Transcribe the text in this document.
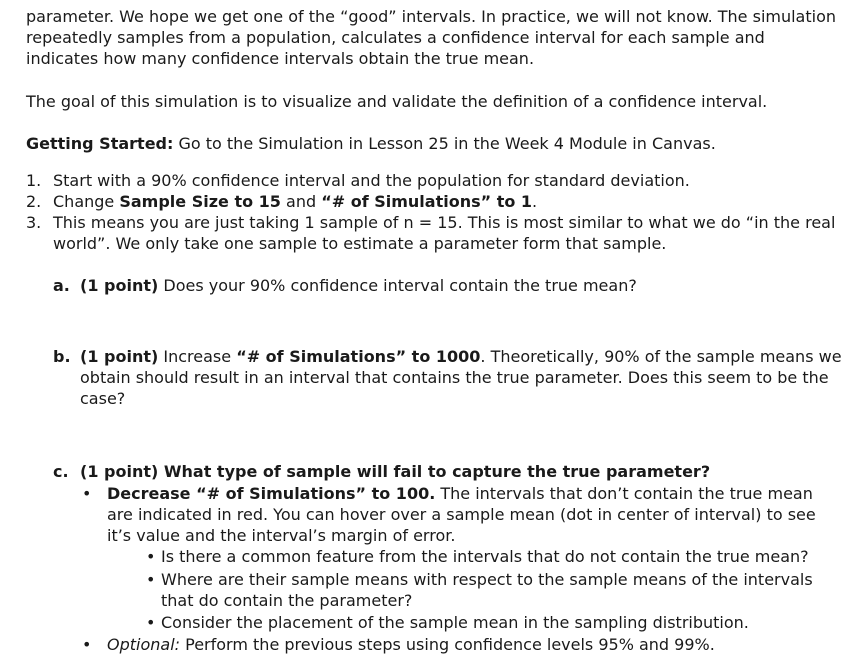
parameter. We hope we get one of the “good” intervals. In practice, we will not know. The simulation repeatedly samples from a population, calculates a confidence interval for each sample and indicates how many confidence intervals obtain the true mean.
The goal of this simulation is to visualize and validate the definition of a confidence interval.
Getting Started: Go to the Simulation in Lesson 25 in the Week 4 Module in Canvas.
1. Start with a 90% confidence interval and the population for standard deviation.
2. Change Sample Size to 15 and “# of Simulations” to 1.
3. This means you are just taking 1 sample of n = 15. This is most similar to what we do “in the real world”. We only take one sample to estimate a parameter form that sample.
a. (1 point) Does your 90% confidence interval contain the true mean?
b. (1 point) Increase “# of Simulations” to 1000. Theoretically, 90% of the sample means we obtain should result in an interval that contains the true parameter. Does this seem to be the case?
c. (1 point) What type of sample will fail to capture the true parameter?
• Decrease “# of Simulations” to 100. The intervals that don’t contain the true mean are indicated in red. You can hover over a sample mean (dot in center of interval) to see it’s value and the interval’s margin of error.
• Is there a common feature from the intervals that do not contain the true mean?
• Where are their sample means with respect to the sample means of the intervals that do contain the parameter?
• Consider the placement of the sample mean in the sampling distribution.
• Optional: Perform the previous steps using confidence levels 95% and 99%.
